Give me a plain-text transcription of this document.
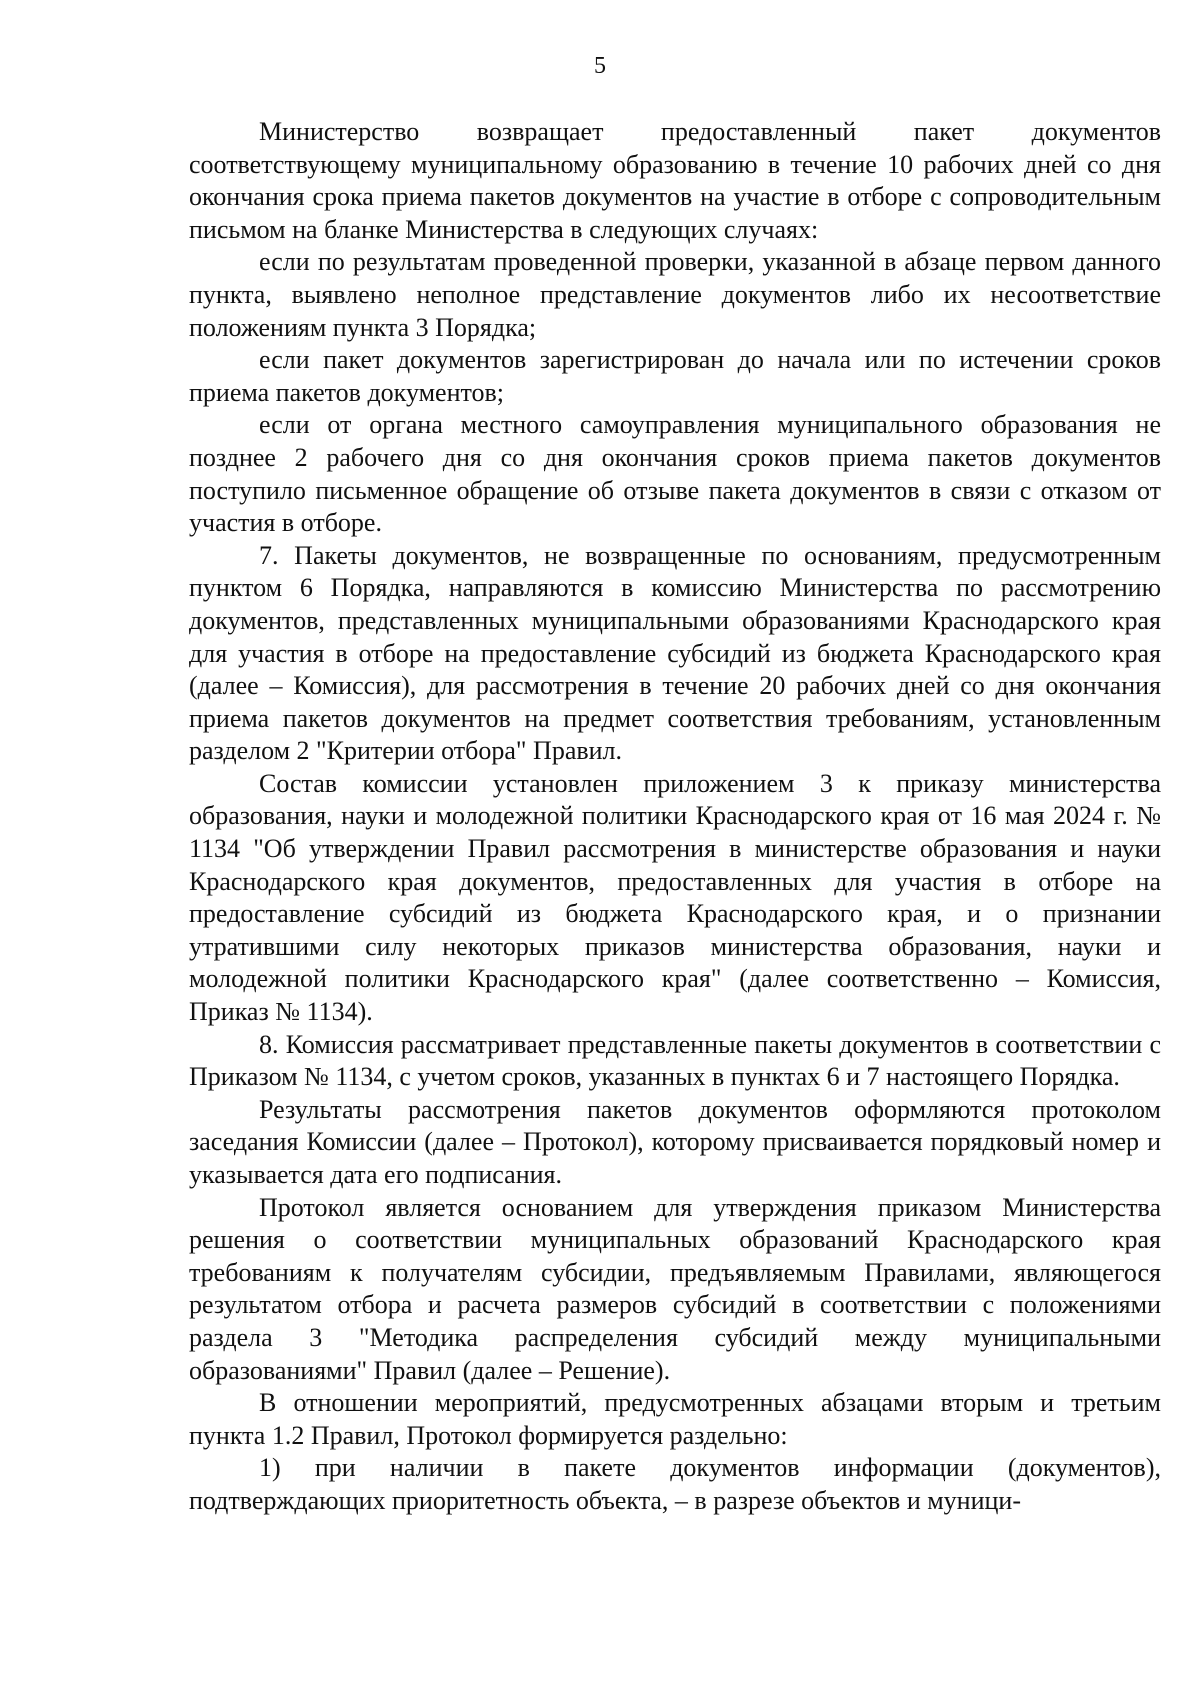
5

Министерство возвращает предоставленный пакет документов соответствующему муниципальному образованию в течение 10 рабочих дней со дня окончания срока приема пакетов документов на участие в отборе с сопроводительным письмом на бланке Министерства в следующих случаях:

если по результатам проведенной проверки, указанной в абзаце первом данного пункта, выявлено неполное представление документов либо их несоответствие положениям пункта 3 Порядка;

если пакет документов зарегистрирован до начала или по истечении сроков приема пакетов документов;

если от органа местного самоуправления муниципального образования не позднее 2 рабочего дня со дня окончания сроков приема пакетов документов поступило письменное обращение об отзыве пакета документов в связи с отказом от участия в отборе.

7. Пакеты документов, не возвращенные по основаниям, предусмотренным пунктом 6 Порядка, направляются в комиссию Министерства по рассмотрению документов, представленных муниципальными образованиями Краснодарского края для участия в отборе на предоставление субсидий из бюджета Краснодарского края (далее – Комиссия), для рассмотрения в течение 20 рабочих дней со дня окончания приема пакетов документов на предмет соответствия требованиям, установленным разделом 2 "Критерии отбора" Правил.

Состав комиссии установлен приложением 3 к приказу министерства образования, науки и молодежной политики Краснодарского края от 16 мая 2024 г. № 1134 "Об утверждении Правил рассмотрения в министерстве образования и науки Краснодарского края документов, предоставленных для участия в отборе на предоставление субсидий из бюджета Краснодарского края, и о признании утратившими силу некоторых приказов министерства образования, науки и молодежной политики Краснодарского края" (далее соответственно – Комиссия, Приказ № 1134).

8. Комиссия рассматривает представленные пакеты документов в соответствии с Приказом № 1134, с учетом сроков, указанных в пунктах 6 и 7 настоящего Порядка.

Результаты рассмотрения пакетов документов оформляются протоколом заседания Комиссии (далее – Протокол), которому присваивается порядковый номер и указывается дата его подписания.

Протокол является основанием для утверждения приказом Министерства решения о соответствии муниципальных образований Краснодарского края требованиям к получателям субсидии, предъявляемым Правилами, являющегося результатом отбора и расчета размеров субсидий в соответствии с положениями раздела 3 "Методика распределения субсидий между муниципальными образованиями" Правил (далее – Решение).

В отношении мероприятий, предусмотренных абзацами вторым и третьим пункта 1.2 Правил, Протокол формируется раздельно:

1) при наличии в пакете документов информации (документов), подтверждающих приоритетность объекта, – в разрезе объектов и муници-
